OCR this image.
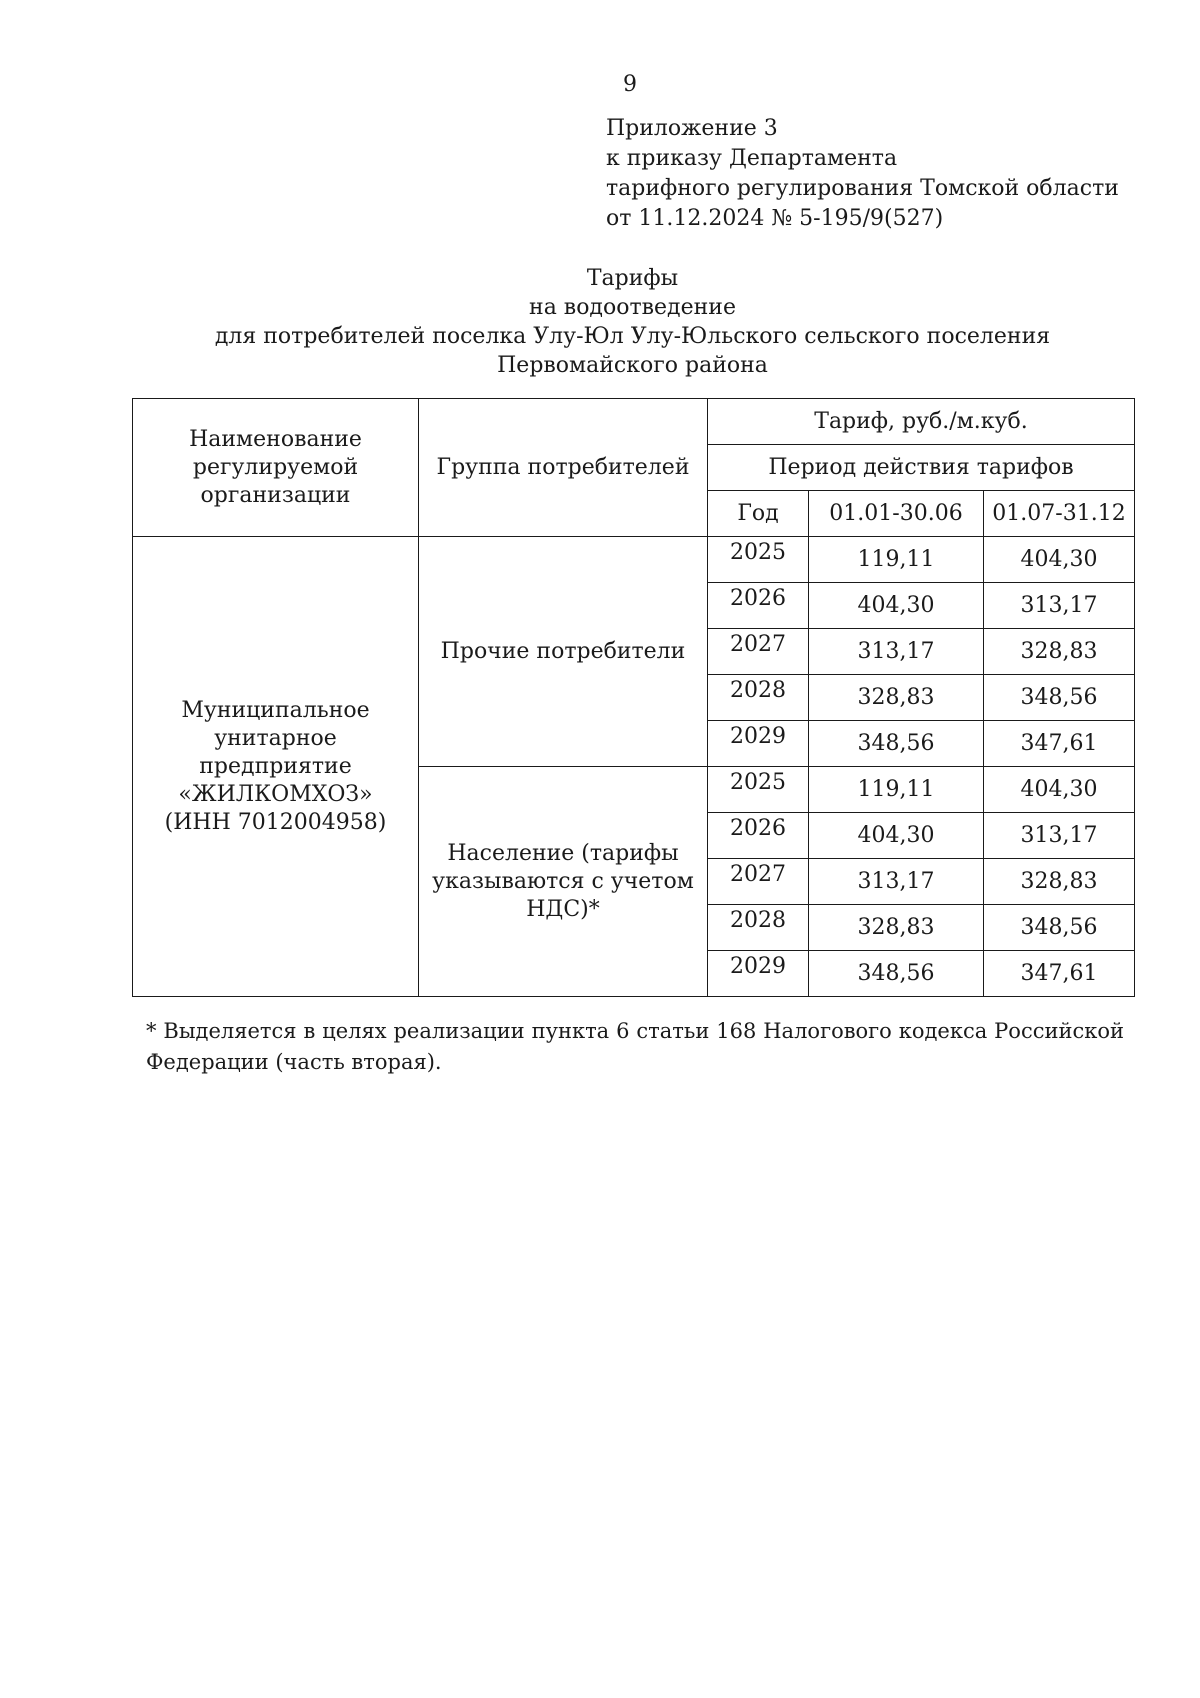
9
Приложение 3
к приказу Департамента
тарифного регулирования Томской области
от 11.12.2024 № 5-195/9(527)
Тарифы
на водоотведение
для потребителей поселка Улу-Юл Улу-Юльского сельского поселения
Первомайского района
Наименование регулируемой организации	Группа потребителей	Тариф, руб./м.куб.		
		Период действия тарифов		
		Год	01.01-30.06	01.07-31.12

Муниципальное
унитарное предприятие
«ЖИЛКОМХОЗ»
(ИНН 7012004958)	Прочие потребители	2025	119,11	404,30
		2026	404,30	313,17
		2027	313,17	328,83
		2028	328,83	348,56
		2029	348,56	347,61

	Население (тарифы
указываются с учетом
НДС)*	2025	119,11	404,30
		2026	404,30	313,17
		2027	313,17	328,83
		2028	328,83	348,56
		2029	348,56	347,61
* Выделяется в целях реализации пункта 6 статьи 168 Налогового кодекса Российской Федерации (часть вторая).
